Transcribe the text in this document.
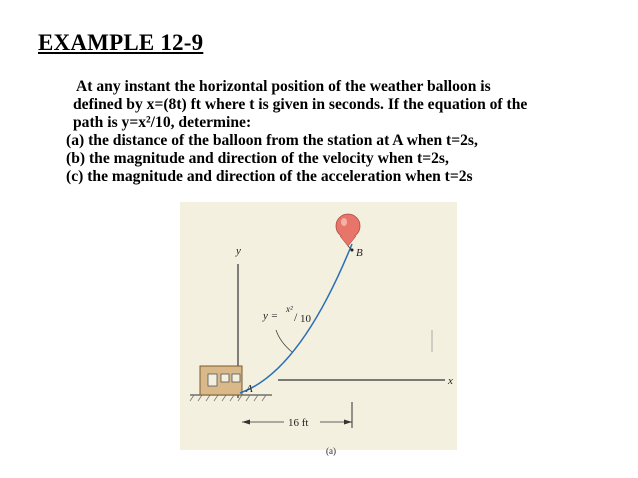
EXAMPLE 12-9

At any instant the horizontal position of the weather balloon is

defined by x=(8t) ft where t is given in seconds. If the equation of the

path is y=x²/10, determine:

(a) the distance of the balloon from the station at A when t=2s,

(b) the magnitude and direction of the velocity when t=2s,

(c) the magnitude and direction of the acceleration when t=2s

y
x
A
B
y =
x²
/ 10
16 ft
(a)
